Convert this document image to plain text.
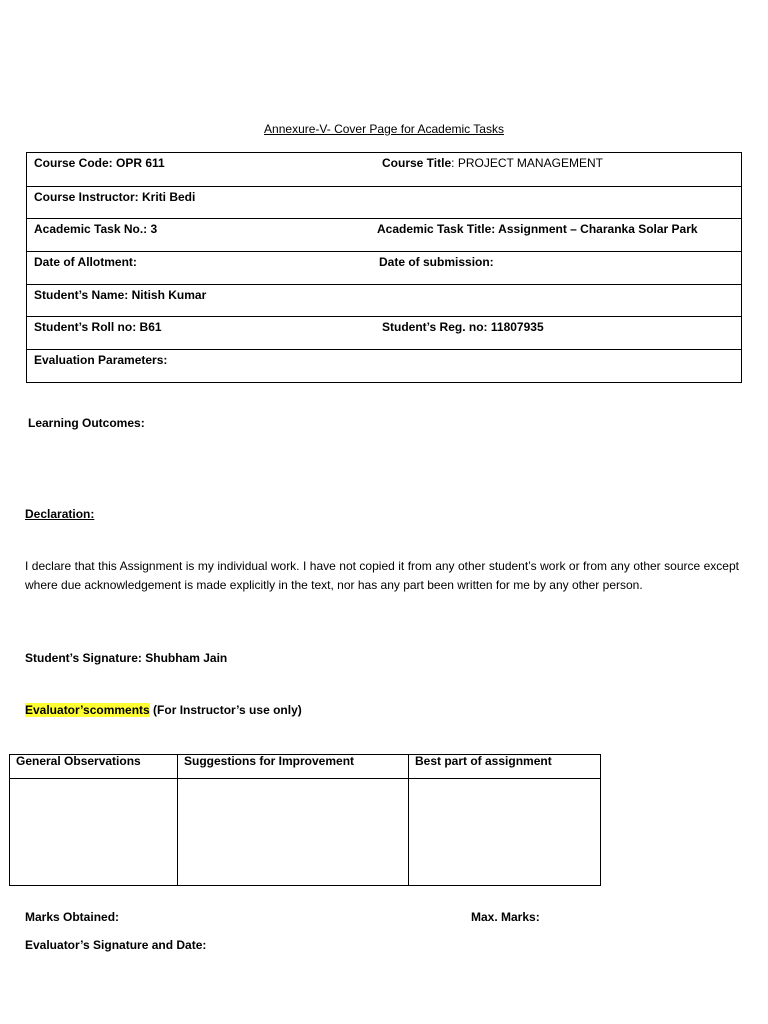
Annexure-V- Cover Page for Academic Tasks
Course Code: OPR 611	Course Title: PROJECT MANAGEMENT
Course Instructor: Kriti Bedi
Academic Task No.: 3	Academic Task Title: Assignment – Charanka Solar Park
Date of Allotment:	Date of submission:
Student’s Name: Nitish Kumar
Student’s Roll no: B61	Student’s Reg. no: 11807935
Evaluation Parameters:
Learning Outcomes:
Declaration:
I declare that this Assignment is my individual work. I have not copied it from any other student’s work or from any other source except where due acknowledgement is made explicitly in the text, nor has any part been written for me by any other person.
Student’s Signature: Shubham Jain
Evaluator’scomments (For Instructor’s use only)
General Observations	Suggestions for Improvement	Best part of assignment
Marks Obtained:	Max. Marks:
Evaluator’s Signature and Date:
